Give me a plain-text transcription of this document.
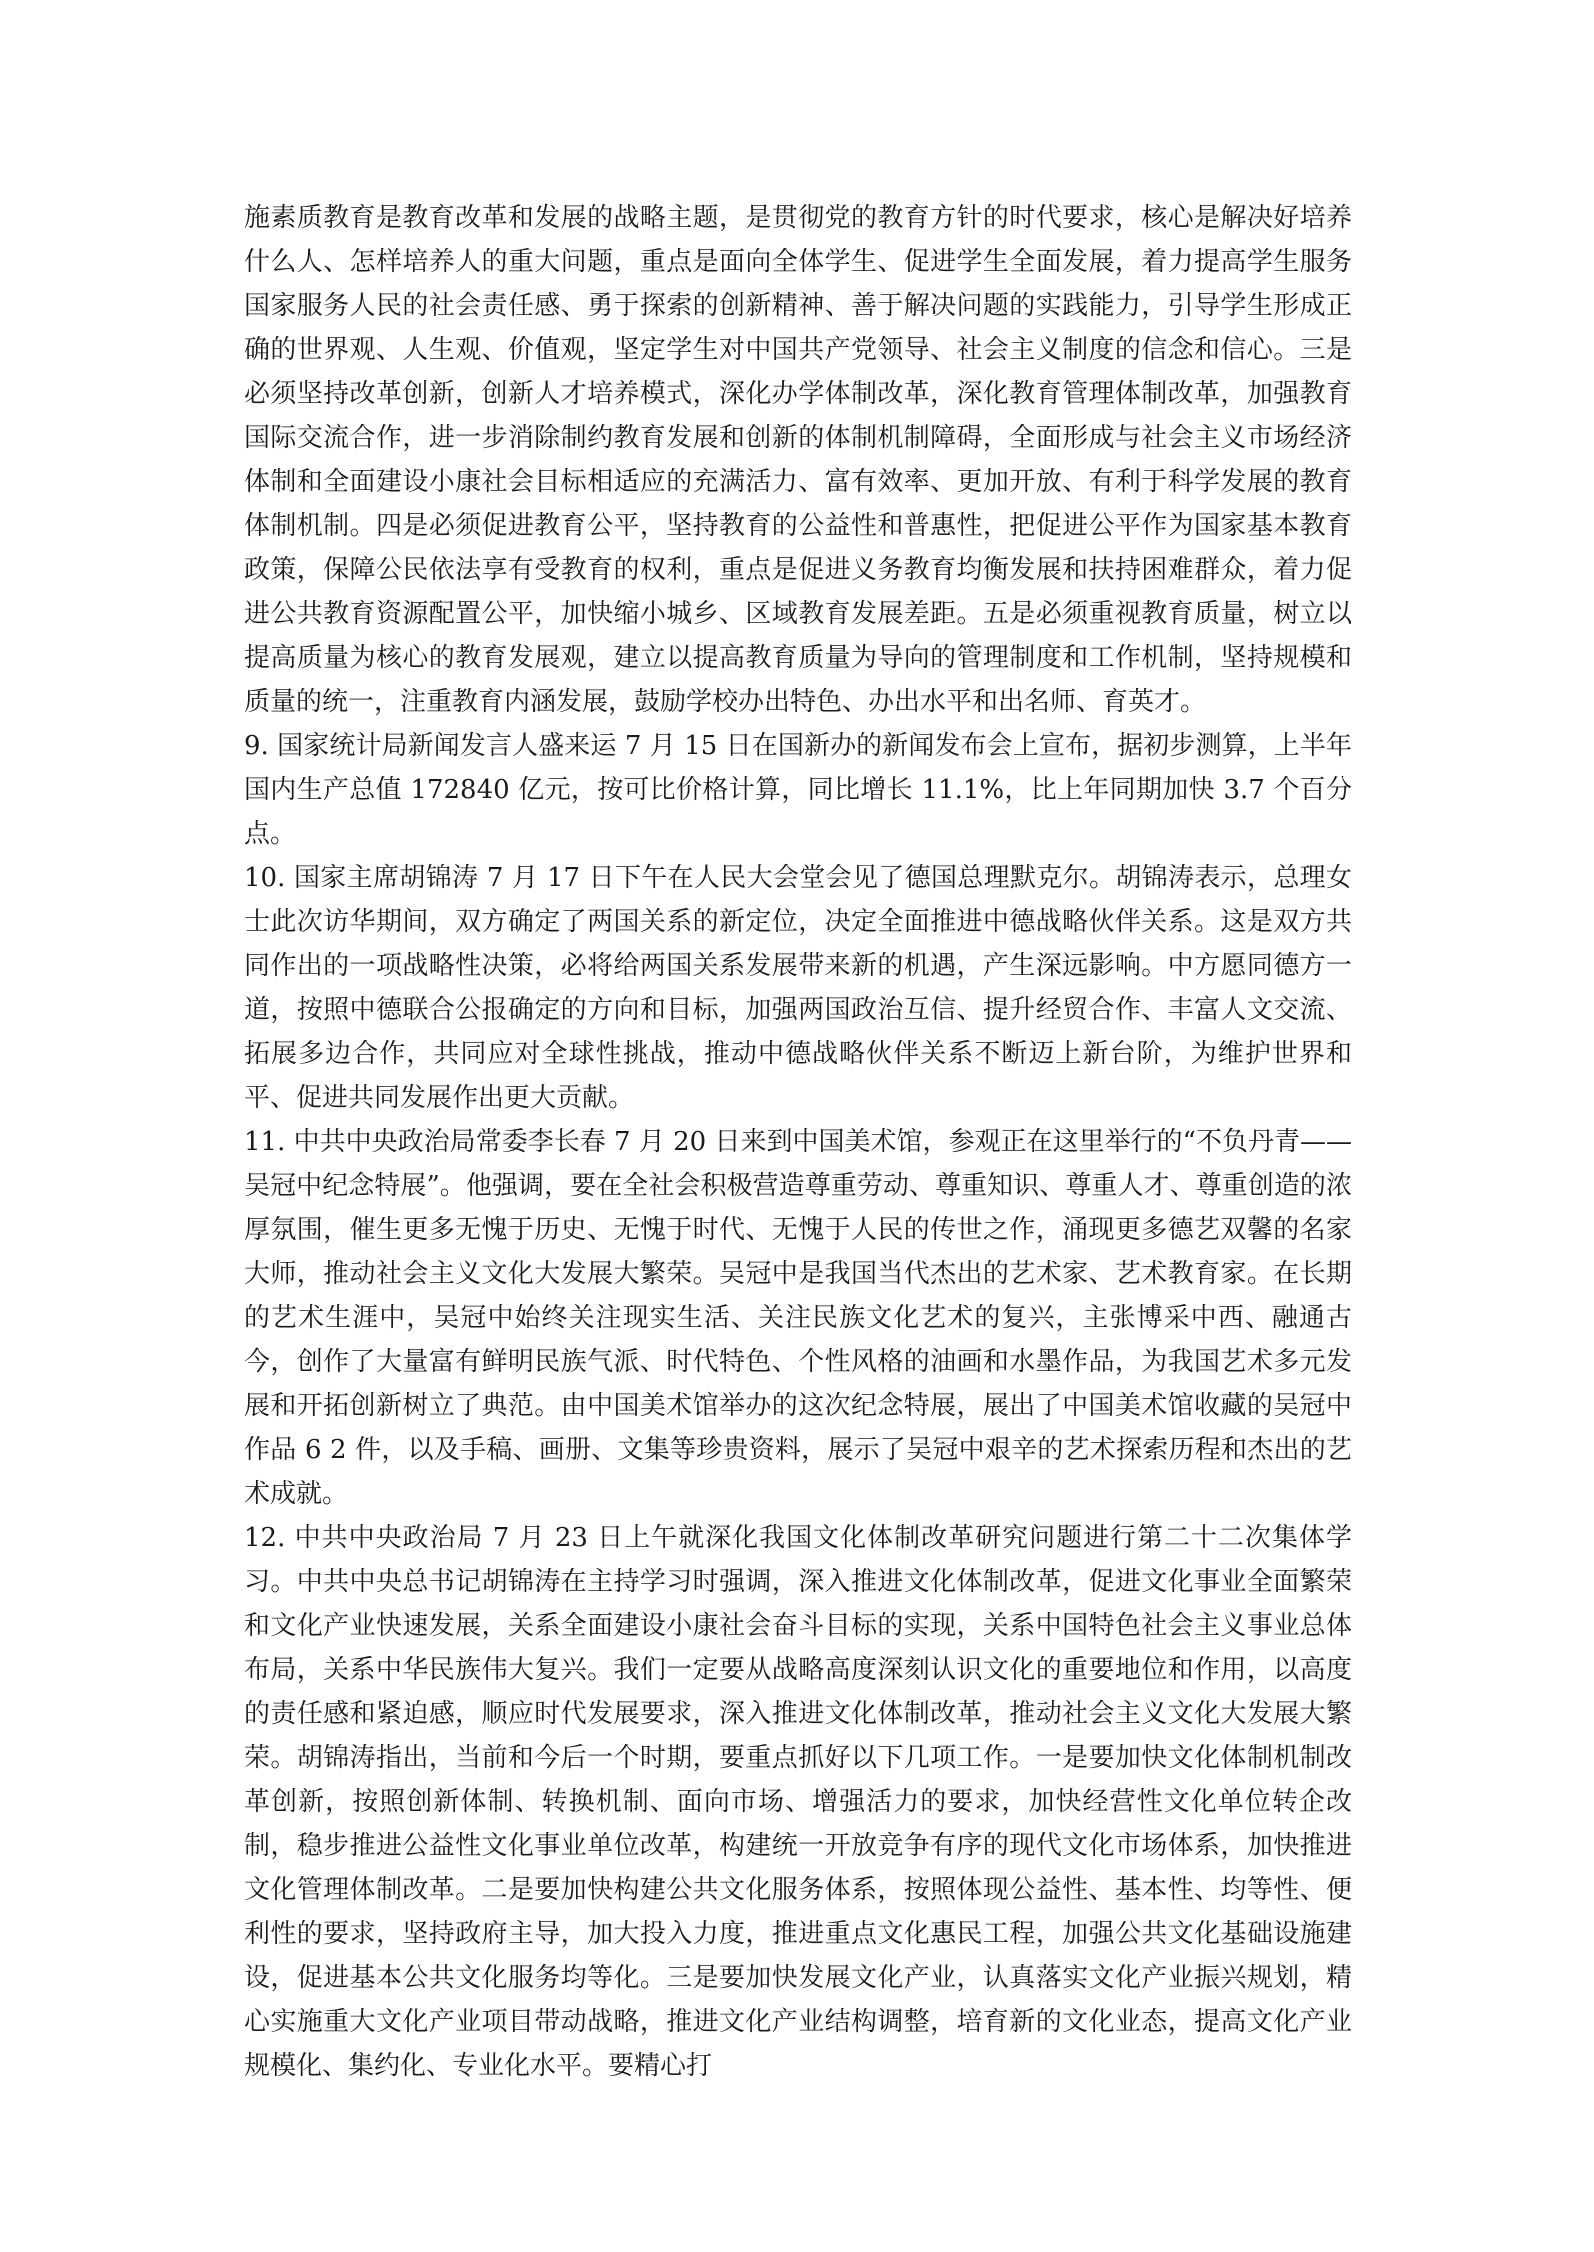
施素质教育是教育改革和发展的战略主题，是贯彻党的教育方针的时代要求，核心是解决好培养什么人、怎样培养人的重大问题，重点是面向全体学生、促进学生全面发展，着力提高学生服务国家服务人民的社会责任感、勇于探索的创新精神、善于解决问题的实践能力，引导学生形成正确的世界观、人生观、价值观，坚定学生对中国共产党领导、社会主义制度的信念和信心。三是必须坚持改革创新，创新人才培养模式，深化办学体制改革，深化教育管理体制改革，加强教育国际交流合作，进一步消除制约教育发展和创新的体制机制障碍，全面形成与社会主义市场经济体制和全面建设小康社会目标相适应的充满活力、富有效率、更加开放、有利于科学发展的教育体制机制。四是必须促进教育公平，坚持教育的公益性和普惠性，把促进公平作为国家基本教育政策，保障公民依法享有受教育的权利，重点是促进义务教育均衡发展和扶持困难群众，着力促进公共教育资源配置公平，加快缩小城乡、区域教育发展差距。五是必须重视教育质量，树立以提高质量为核心的教育发展观，建立以提高教育质量为导向的管理制度和工作机制，坚持规模和质量的统一，注重教育内涵发展，鼓励学校办出特色、办出水平和出名师、育英才。

9. 国家统计局新闻发言人盛来运 7 月 15 日在国新办的新闻发布会上宣布，据初步测算，上半年国内生产总值 172840 亿元，按可比价格计算，同比增长 11.1%，比上年同期加快 3.7 个百分点。

10. 国家主席胡锦涛 7 月 17 日下午在人民大会堂会见了德国总理默克尔。胡锦涛表示，总理女士此次访华期间，双方确定了两国关系的新定位，决定全面推进中德战略伙伴关系。这是双方共同作出的一项战略性决策，必将给两国关系发展带来新的机遇，产生深远影响。中方愿同德方一道，按照中德联合公报确定的方向和目标，加强两国政治互信、提升经贸合作、丰富人文交流、拓展多边合作，共同应对全球性挑战，推动中德战略伙伴关系不断迈上新台阶，为维护世界和平、促进共同发展作出更大贡献。

11. 中共中央政治局常委李长春 7 月 20 日来到中国美术馆，参观正在这里举行的“不负丹青——吴冠中纪念特展”。他强调，要在全社会积极营造尊重劳动、尊重知识、尊重人才、尊重创造的浓厚氛围，催生更多无愧于历史、无愧于时代、无愧于人民的传世之作，涌现更多德艺双馨的名家大师，推动社会主义文化大发展大繁荣。吴冠中是我国当代杰出的艺术家、艺术教育家。在长期的艺术生涯中，吴冠中始终关注现实生活、关注民族文化艺术的复兴，主张博采中西、融通古今，创作了大量富有鲜明民族气派、时代特色、个性风格的油画和水墨作品，为我国艺术多元发展和开拓创新树立了典范。由中国美术馆举办的这次纪念特展，展出了中国美术馆收藏的吴冠中作品 6 2 件，以及手稿、画册、文集等珍贵资料，展示了吴冠中艰辛的艺术探索历程和杰出的艺术成就。

12. 中共中央政治局 7 月 23 日上午就深化我国文化体制改革研究问题进行第二十二次集体学习。中共中央总书记胡锦涛在主持学习时强调，深入推进文化体制改革，促进文化事业全面繁荣和文化产业快速发展，关系全面建设小康社会奋斗目标的实现，关系中国特色社会主义事业总体布局，关系中华民族伟大复兴。我们一定要从战略高度深刻认识文化的重要地位和作用，以高度的责任感和紧迫感，顺应时代发展要求，深入推进文化体制改革，推动社会主义文化大发展大繁荣。胡锦涛指出，当前和今后一个时期，要重点抓好以下几项工作。一是要加快文化体制机制改革创新，按照创新体制、转换机制、面向市场、增强活力的要求，加快经营性文化单位转企改制，稳步推进公益性文化事业单位改革，构建统一开放竞争有序的现代文化市场体系，加快推进文化管理体制改革。二是要加快构建公共文化服务体系，按照体现公益性、基本性、均等性、便利性的要求，坚持政府主导，加大投入力度，推进重点文化惠民工程，加强公共文化基础设施建设，促进基本公共文化服务均等化。三是要加快发展文化产业，认真落实文化产业振兴规划，精心实施重大文化产业项目带动战略，推进文化产业结构调整，培育新的文化业态，提高文化产业规模化、集约化、专业化水平。要精心打
